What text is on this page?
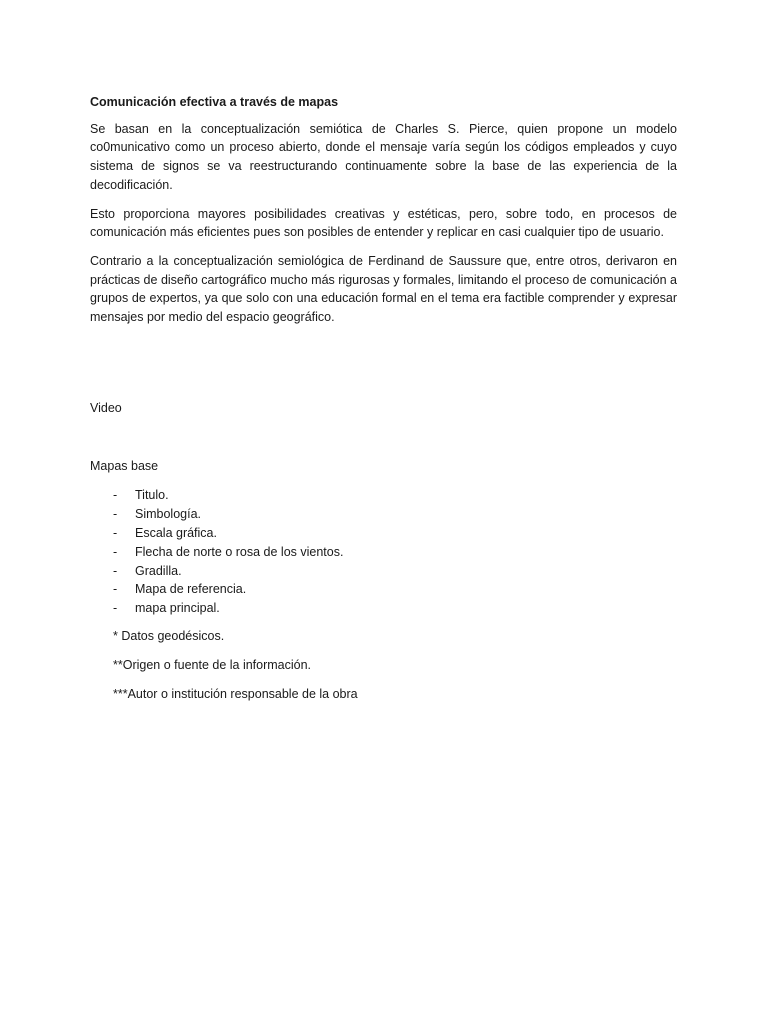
Comunicación efectiva a través de mapas

Se basan en la conceptualización semiótica de Charles S. Pierce, quien propone un modelo co0municativo como un proceso abierto, donde el mensaje varía según los códigos empleados y cuyo sistema de signos se va reestructurando continuamente sobre la base de las experiencia de la decodificación.

Esto proporciona mayores posibilidades creativas y estéticas, pero, sobre todo, en procesos de comunicación más eficientes pues son posibles de entender y replicar en casi cualquier tipo de usuario.

Contrario a la conceptualización semiológica de Ferdinand de Saussure que, entre otros, derivaron en prácticas de diseño cartográfico mucho más rigurosas y formales, limitando el proceso de comunicación a grupos de expertos, ya que solo con una educación formal en el tema era factible comprender y expresar mensajes por medio del espacio geográfico.

Video

Mapas base

- Titulo.
- Simbología.
- Escala gráfica.
- Flecha de norte o rosa de los vientos.
- Gradilla.
- Mapa de referencia.
- mapa principal.

* Datos geodésicos.

**Origen o fuente de la información.

***Autor o institución responsable de la obra
